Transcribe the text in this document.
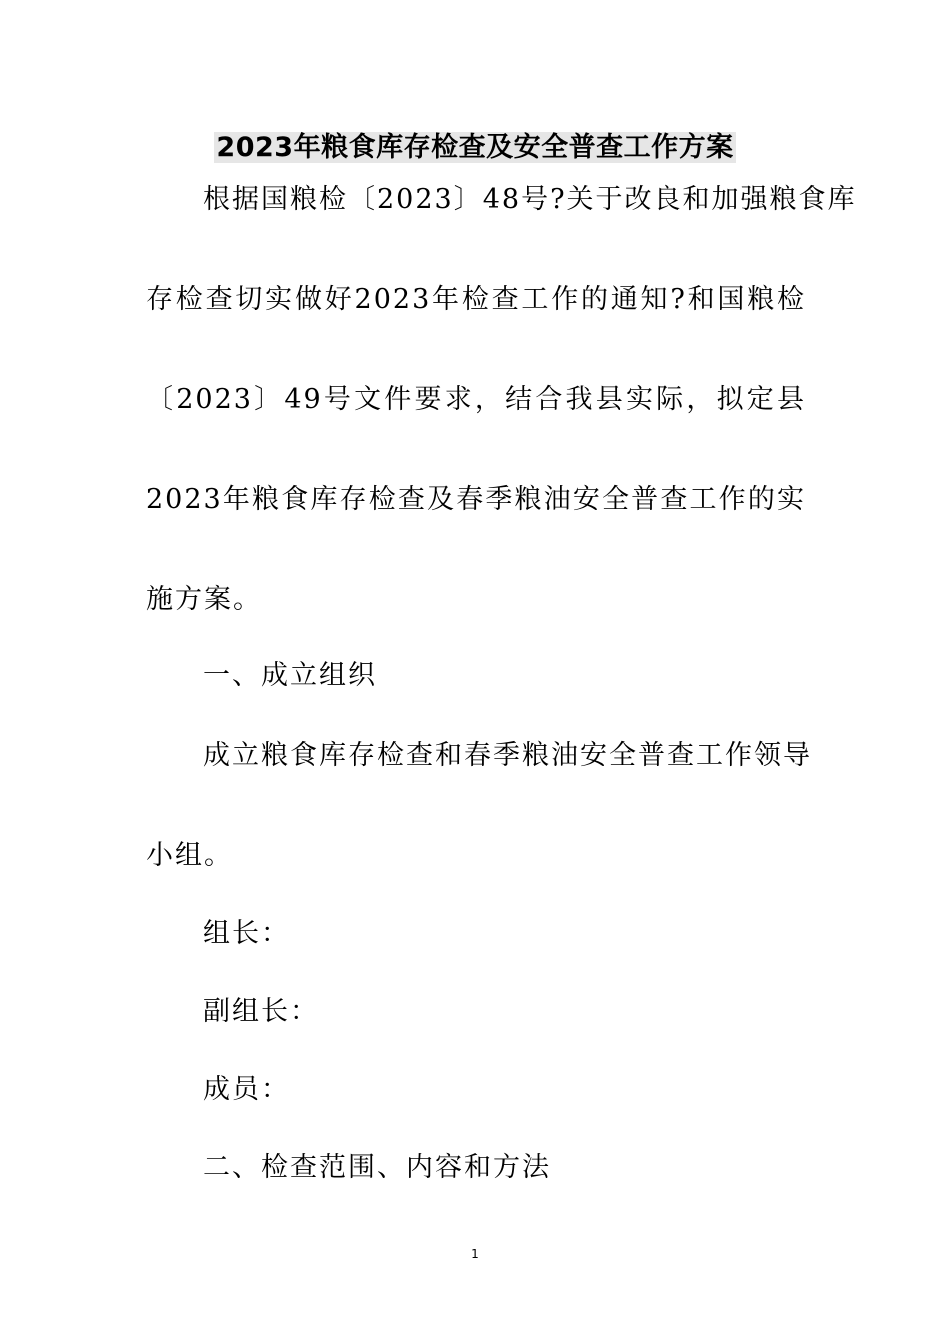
2023年粮食库存检查及安全普查工作方案
根据国粮检〔2023〕48号?关于改良和加强粮食库
存检查切实做好2023年检查工作的通知?和国粮检
〔2023〕49号文件要求，结合我县实际，拟定县
2023年粮食库存检查及春季粮油安全普查工作的实
施方案。
一、成立组织
成立粮食库存检查和春季粮油安全普查工作领导
小组。
组长：
副组长：
成员：
二、检查范围、内容和方法
1
